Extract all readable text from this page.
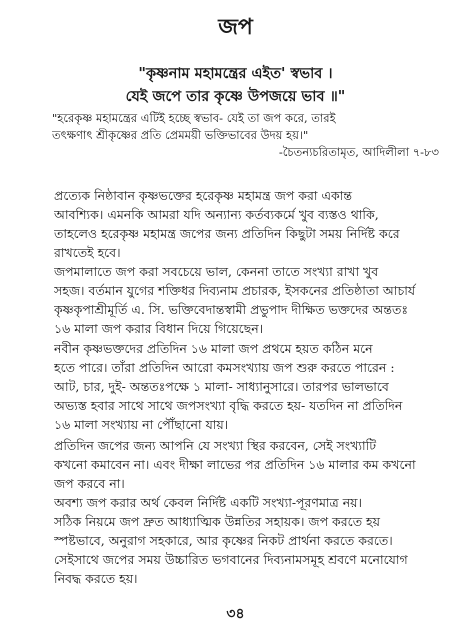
জপ
"কৃষ্ণনাম মহামন্ত্রের এইত' স্বভাব ।
যেই জপে তার কৃষ্ণে উপজয়ে ভাব ॥"
"হরেকৃষ্ণ মহামন্ত্রের এটিই হচ্ছে স্বভাব- যেই তা জপ করে, তারই
তৎক্ষণাৎ শ্রীকৃষ্ণের প্রতি প্রেমময়ী ভক্তিভাবের উদয় হয়।"
-চৈতন্যচরিতামৃত, আদিলীলা ৭-৮৩
প্রত্যেক নিষ্ঠাবান কৃষ্ণভক্তের হরেকৃষ্ণ মহামন্ত্র জপ করা একান্ত
আবশ্যিক। এমনকি আমরা যদি অন্যান্য কর্তব্যকর্মে খুব ব্যস্তও থাকি,
তাহলেও হরেকৃষ্ণ মহামন্ত্র জপের জন্য প্রতিদিন কিছুটা সময় নির্দিষ্ট করে
রাখতেই হবে।
জপমালাতে জপ করা সবচেয়ে ভাল, কেননা তাতে সংখ্যা রাখা খুব
সহজ। বর্তমান যুগের শক্তিধর দিব্যনাম প্রচারক, ইসকনের প্রতিষ্ঠাতা আচার্য
কৃষ্ণকৃপাশ্রীমূর্তি এ. সি. ভক্তিবেদান্তস্বামী প্রভুপাদ দীক্ষিত ভক্তদের অন্ততঃ
১৬ মালা জপ করার বিধান দিয়ে গিয়েছেন।
নবীন কৃষ্ণভক্তদের প্রতিদিন ১৬ মালা জপ প্রথমে হয়ত কঠিন মনে
হতে পারে। তাঁরা প্রতিদিন আরো কমসংখ্যায় জপ শুরু করতে পারেন :
আট, চার, দুই- অন্ততঃপক্ষে ১ মালা- সাধ্যানুসারে। তারপর ভালভাবে
অভ্যস্ত হবার সাথে সাথে জপসংখ্যা বৃদ্ধি করতে হয়- যতদিন না প্রতিদিন
১৬ মালা সংখ্যায় না পৌঁছানো যায়।
প্রতিদিন জপের জন্য আপনি যে সংখ্যা স্থির করবেন, সেই সংখ্যাটি
কখনো কমাবেন না। এবং দীক্ষা লাভের পর প্রতিদিন ১৬ মালার কম কখনো
জপ করবে না।
অবশ্য জপ করার অর্থ কেবল নির্দিষ্ট একটি সংখ্যা-পূরণমাত্র নয়।
সঠিক নিয়মে জপ দ্রুত আধ্যাত্মিক উন্নতির সহায়ক। জপ করতে হয়
স্পষ্টভাবে, অনুরাগ সহকারে, আর কৃষ্ণের নিকট প্রার্থনা করতে করতে।
সেইসাথে জপের সময় উচ্চারিত ভগবানের দিব্যনামসমূহ শ্রবণে মনোযোগ
নিবদ্ধ করতে হয়।
৩৪
